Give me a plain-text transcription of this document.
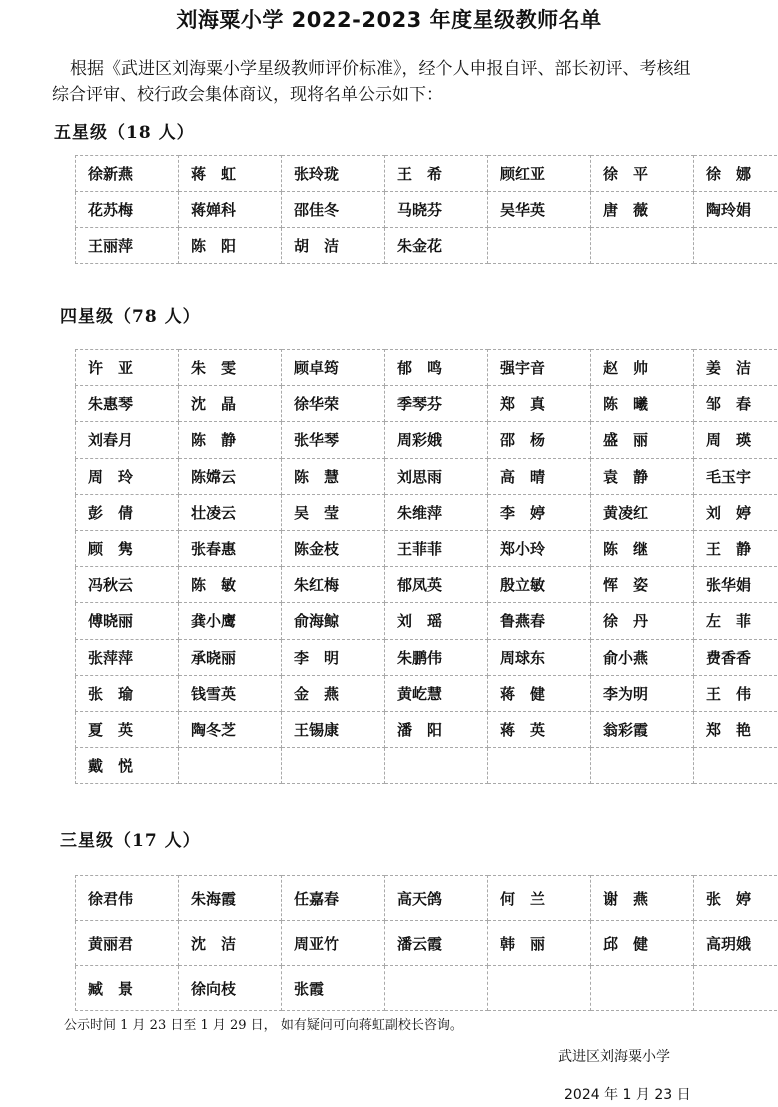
刘海粟小学 2022-2023 年度星级教师名单
根据《武进区刘海粟小学星级教师评价标准》，经个人申报自评、部长初评、考核组综合评审、校行政会集体商议，现将名单公示如下：
五星级（18 人）
徐新燕	蒋　虹	张玲珑	王　希	顾红亚	徐　平	徐　娜
花苏梅	蒋婵科	邵佳冬	马晓芬	吴华英	唐　薇	陶玲娟
王丽萍	陈　阳	胡　洁	朱金花			
四星级（78 人）
许　亚	朱　雯	顾卓筠	郁　鸣	强宇音	赵　帅	姜　洁
朱惠琴	沈　晶	徐华荣	季琴芬	郑　真	陈　曦	邹　春
刘春月	陈　静	张华琴	周彩娥	邵　杨	盛　丽	周　瑛
周　玲	陈嫦云	陈　慧	刘思雨	高　晴	袁　静	毛玉宇
彭　倩	壮凌云	吴　莹	朱维萍	李　婷	黄凌红	刘　婷
顾　隽	张春惠	陈金枝	王菲菲	郑小玲	陈　继	王　静
冯秋云	陈　敏	朱红梅	郁凤英	殷立敏	恽　姿	张华娟
傅晓丽	龚小鹰	俞海鲸	刘　瑶	鲁燕春	徐　丹	左　菲
张萍萍	承晓丽	李　明	朱鹏伟	周球东	俞小燕	费香香
张　瑜	钱雪英	金　燕	黄屹慧	蒋　健	李为明	王　伟
夏　英	陶冬芝	王锡康	潘　阳	蒋　英	翁彩霞	郑　艳
戴　悦						
三星级（17 人）
徐君伟	朱海霞	任嘉春	高天鸽	何　兰	谢　燕	张　婷
黄丽君	沈　洁	周亚竹	潘云霞	韩　丽	邱　健	高玥娥
臧　景	徐向枝	张霞				
公示时间 1 月 23 日至 1 月 29 日， 如有疑问可向蒋虹副校长咨询。
武进区刘海粟小学
2024 年 1 月 23 日
